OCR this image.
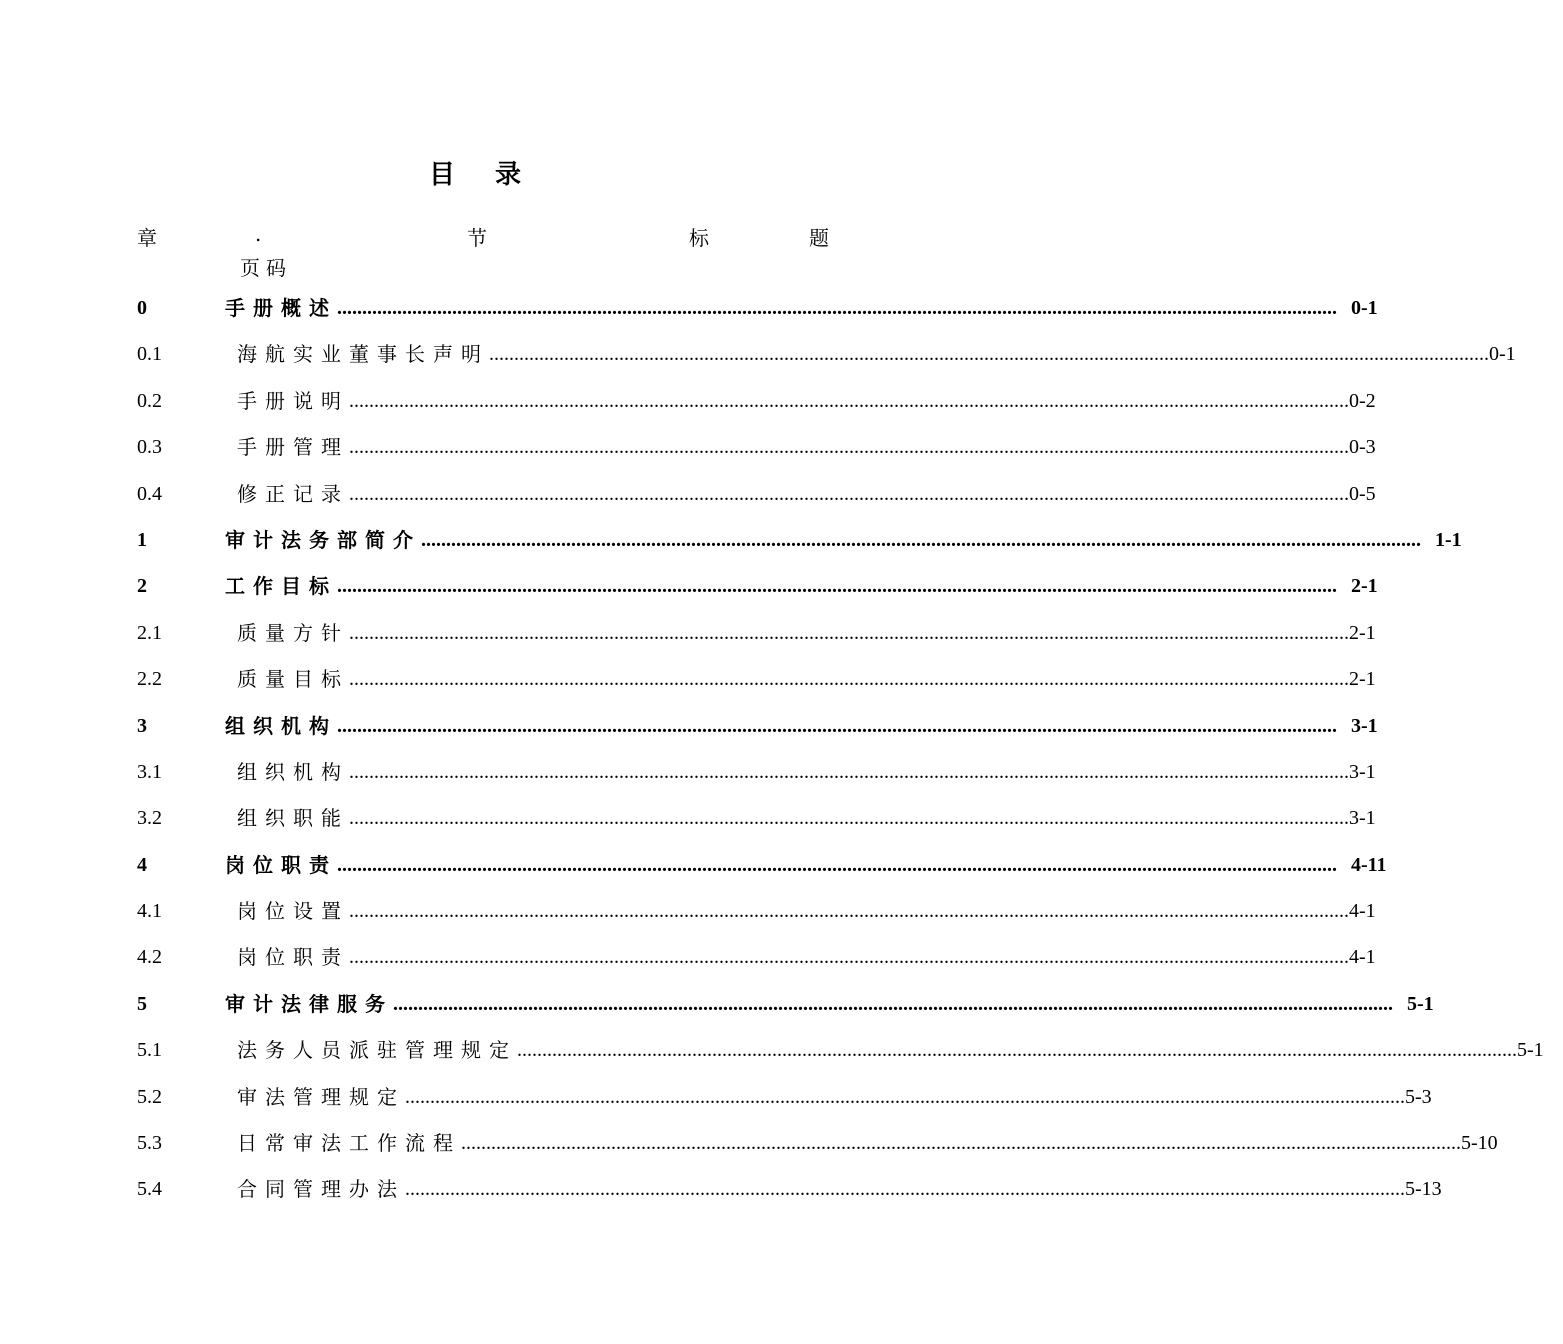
目 录
章	.	节	标	题
页码
0	手册概述 ........................................................................................................................................................................................................ 0-1
0.1	海航实业董事长声明 ........................................................................................................................................................................................................ 0-1
0.2	手册说明 ........................................................................................................................................................................................................ 0-2
0.3	手册管理 ........................................................................................................................................................................................................ 0-3
0.4	修正记录 ........................................................................................................................................................................................................ 0-5
1	审计法务部简介 ........................................................................................................................................................................................................ 1-1
2	工作目标 ........................................................................................................................................................................................................ 2-1
2.1	质量方针 ........................................................................................................................................................................................................ 2-1
2.2	质量目标 ........................................................................................................................................................................................................ 2-1
3	组织机构 ........................................................................................................................................................................................................ 3-1
3.1	组织机构 ........................................................................................................................................................................................................ 3-1
3.2	组织职能 ........................................................................................................................................................................................................ 3-1
4	岗位职责 ........................................................................................................................................................................................................ 4-11
4.1	岗位设置 ........................................................................................................................................................................................................ 4-1
4.2	岗位职责 ........................................................................................................................................................................................................ 4-1
5	审计法律服务 ........................................................................................................................................................................................................ 5-1
5.1	法务人员派驻管理规定 ........................................................................................................................................................................................................ 5-1
5.2	审法管理规定 ........................................................................................................................................................................................................ 5-3
5.3	日常审法工作流程 ........................................................................................................................................................................................................ 5-10
5.4	合同管理办法 ........................................................................................................................................................................................................ 5-13
